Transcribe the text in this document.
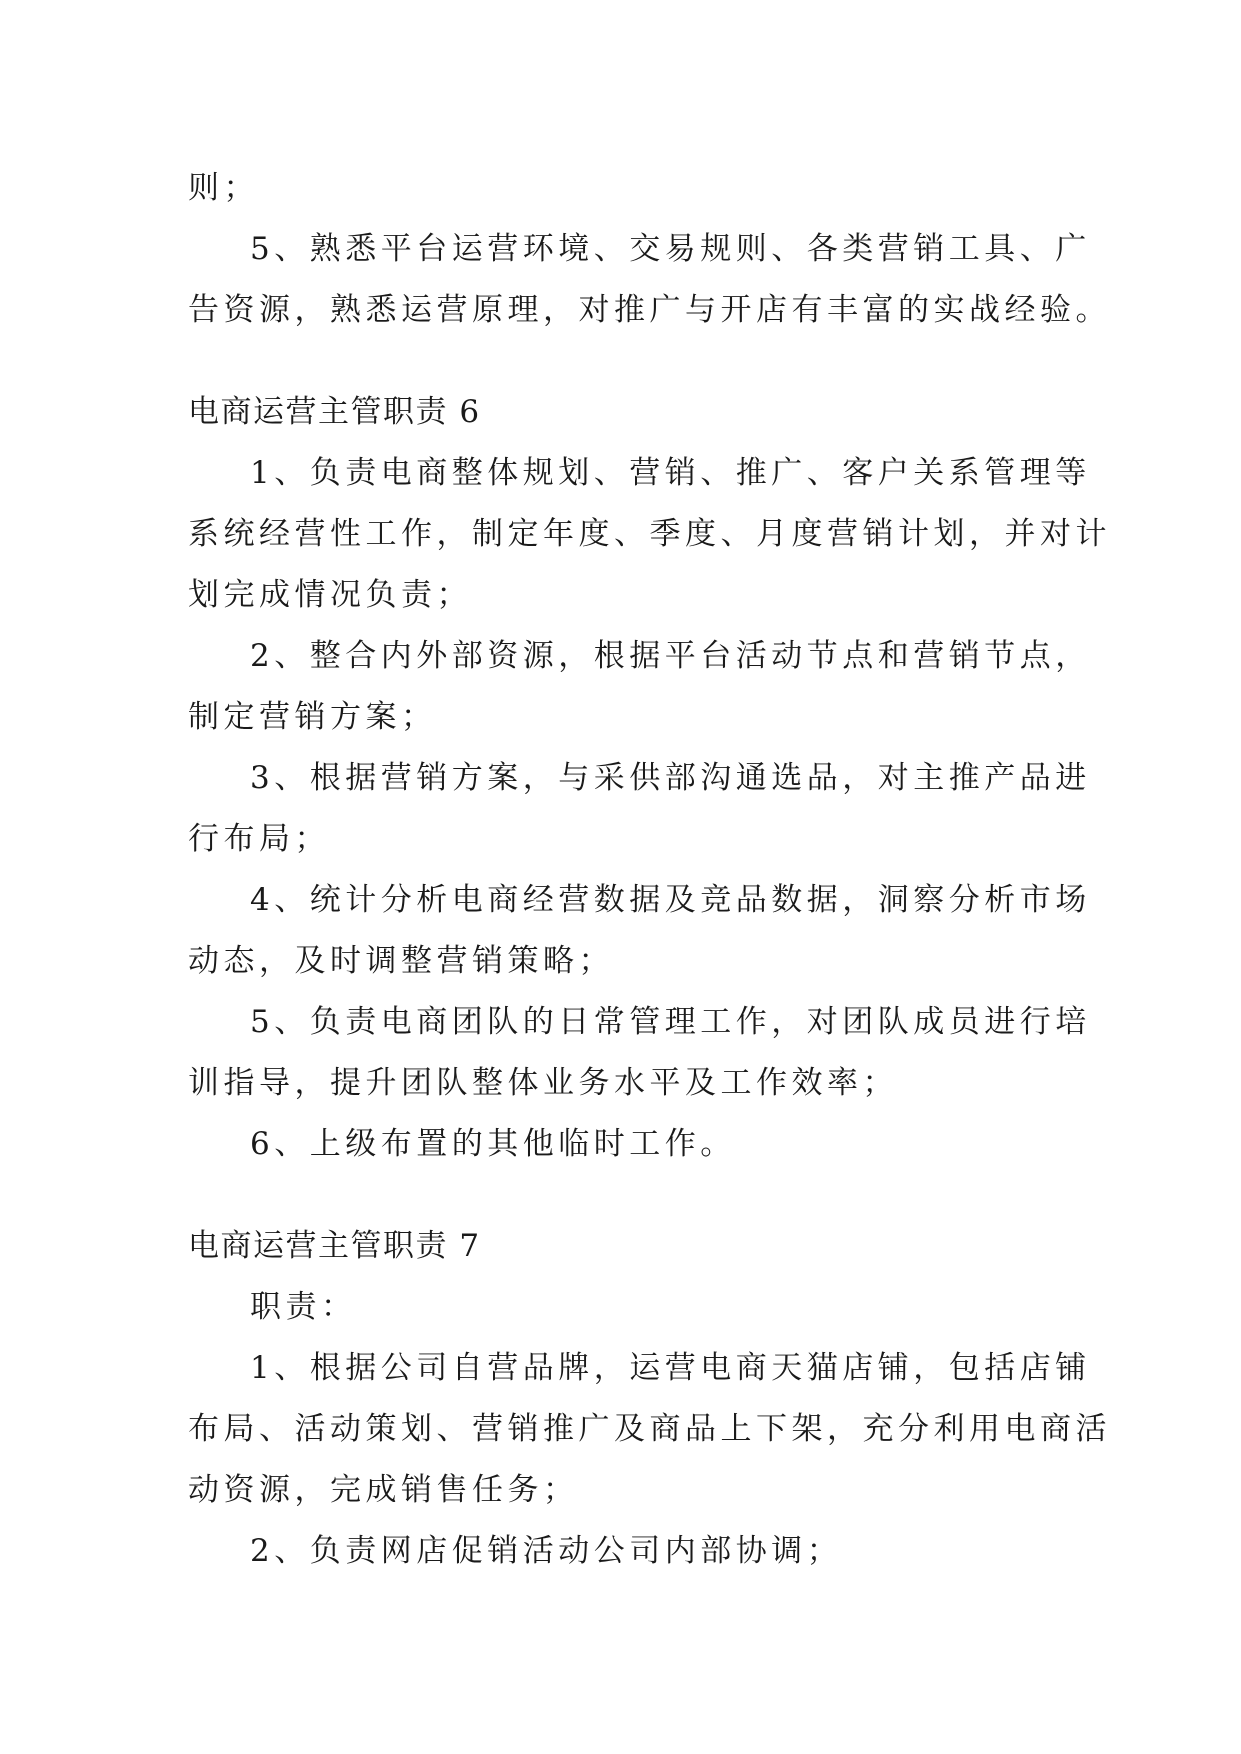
则；
5、熟悉平台运营环境、交易规则、各类营销工具、广
告资源，熟悉运营原理，对推广与开店有丰富的实战经验。
电商运营主管职责 6
1、负责电商整体规划、营销、推广、客户关系管理等
系统经营性工作，制定年度、季度、月度营销计划，并对计
划完成情况负责；
2、整合内外部资源，根据平台活动节点和营销节点，
制定营销方案；
3、根据营销方案，与采供部沟通选品，对主推产品进
行布局；
4、统计分析电商经营数据及竞品数据，洞察分析市场
动态，及时调整营销策略；
5、负责电商团队的日常管理工作，对团队成员进行培
训指导，提升团队整体业务水平及工作效率；
6、上级布置的其他临时工作。
电商运营主管职责 7
职责：
1、根据公司自营品牌，运营电商天猫店铺，包括店铺
布局、活动策划、营销推广及商品上下架，充分利用电商活
动资源，完成销售任务；
2、负责网店促销活动公司内部协调；
